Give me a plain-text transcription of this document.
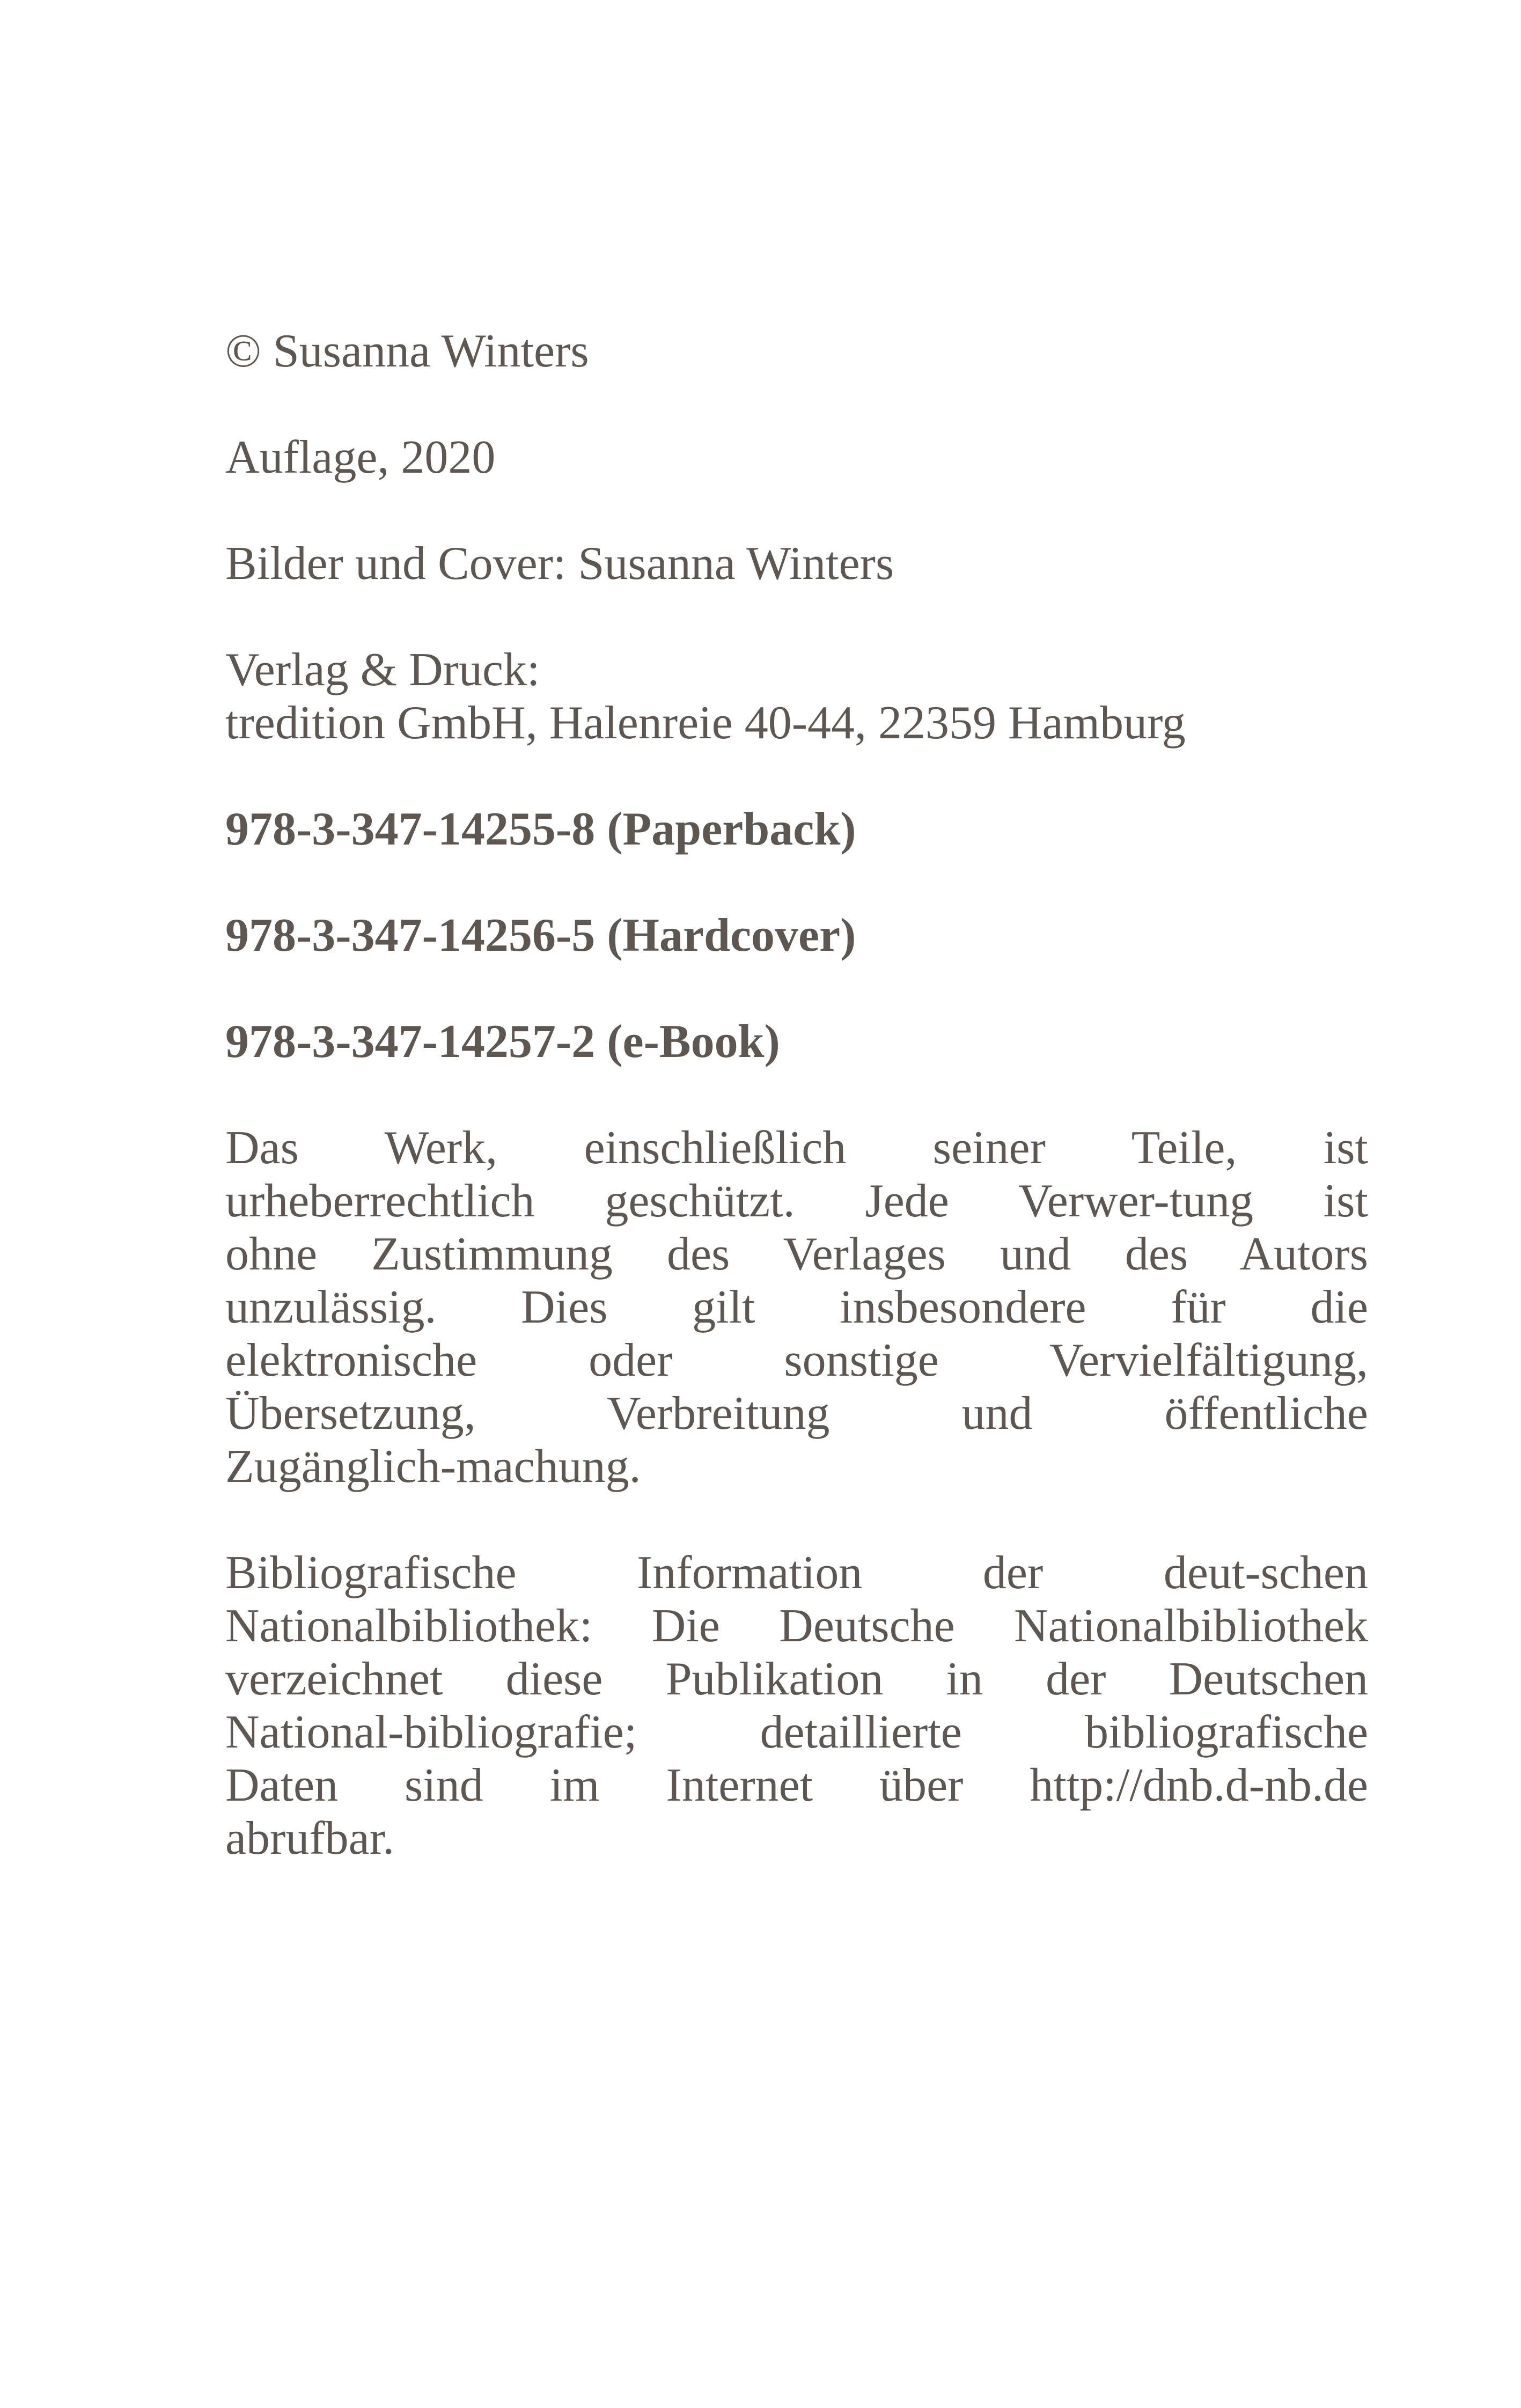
© Susanna Winters
Auflage, 2020
Bilder und Cover: Susanna Winters
Verlag & Druck:
tredition GmbH, Halenreie 40-44, 22359 Hamburg
978-3-347-14255-8 (Paperback)
978-3-347-14256-5 (Hardcover)
978-3-347-14257-2 (e-Book)
Das Werk, einschließlich seiner Teile, ist
urheberrechtlich geschützt. Jede Verwer-tung ist
ohne Zustimmung des Verlages und des Autors
unzulässig. Dies gilt insbesondere für die
elektronische oder sonstige Vervielfältigung,
Übersetzung, Verbreitung und öffentliche
Zugänglich-machung.
Bibliografische Information der deut-schen
Nationalbibliothek: Die Deutsche Nationalbibliothek
verzeichnet diese Publikation in der Deutschen
National-bibliografie; detaillierte bibliografische
Daten sind im Internet über http://dnb.d-nb.de
abrufbar.
